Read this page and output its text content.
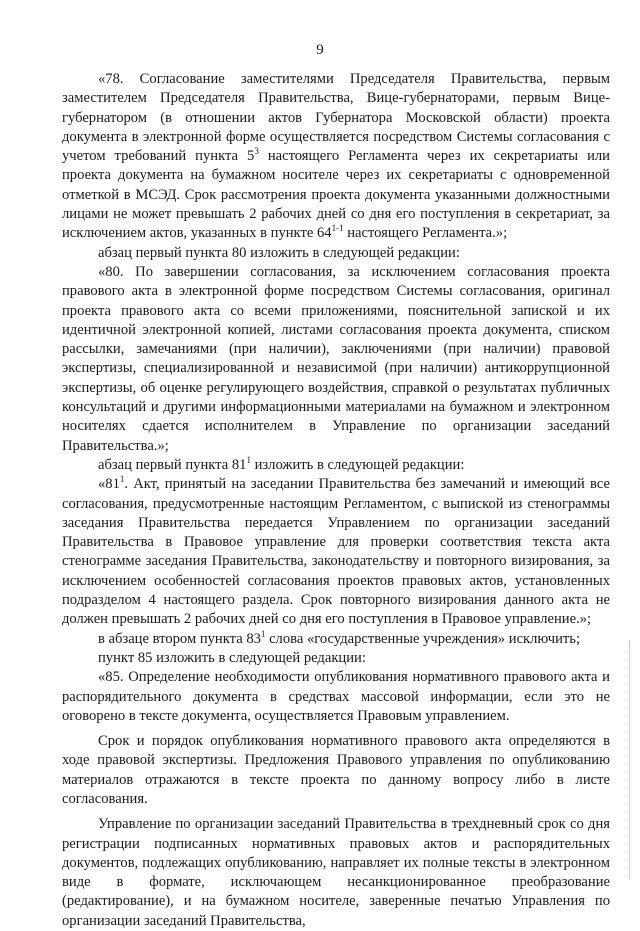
9

«78. Согласование заместителями Председателя Правительства, первым заместителем Председателя Правительства, Вице-губернаторами, первым Вице-губернатором (в отношении актов Губернатора Московской области) проекта документа в электронной форме осуществляется посредством Системы согласования с учетом требований пункта $5^3$ настоящего Регламента через их секретариаты или проекта документа на бумажном носителе через их секретариаты с одновременной отметкой в МСЭД. Срок рассмотрения проекта документа указанными должностными лицами не может превышать 2 рабочих дней со дня его поступления в секретариат, за исключением актов, указанных в пункте 64$^{1-1}$ настоящего Регламента.»;

абзац первый пункта 80 изложить в следующей редакции:

«80. По завершении согласования, за исключением согласования проекта правового акта в электронной форме посредством Системы согласования, оригинал проекта правового акта со всеми приложениями, пояснительной запиской и их идентичной электронной копией, листами согласования проекта документа, списком рассылки, замечаниями (при наличии), заключениями (при наличии) правовой экспертизы, специализированной и независимой (при наличии) антикоррупционной экспертизы, об оценке регулирующего воздействия, справкой о результатах публичных консультаций и другими информационными материалами на бумажном и электронном носителях сдается исполнителем в Управление по организации заседаний Правительства.»;

абзац первый пункта $81^1$ изложить в следующей редакции:

«$81^1$. Акт, принятый на заседании Правительства без замечаний и имеющий все согласования, предусмотренные настоящим Регламентом, с выпиской из стенограммы заседания Правительства передается Управлением по организации заседаний Правительства в Правовое управление для проверки соответствия текста акта стенограмме заседания Правительства, законодательству и повторного визирования, за исключением особенностей согласования проектов правовых актов, установленных подразделом 4 настоящего раздела. Срок повторного визирования данного акта не должен превышать 2 рабочих дней со дня его поступления в Правовое управление.»;

в абзаце втором пункта $83^1$ слова «государственные учреждения» исключить;

пункт 85 изложить в следующей редакции:

«85. Определение необходимости опубликования нормативного правового акта и распорядительного документа в средствах массовой информации, если это не оговорено в тексте документа, осуществляется Правовым управлением.

Срок и порядок опубликования нормативного правового акта определяются в ходе правовой экспертизы. Предложения Правового управления по опубликованию материалов отражаются в тексте проекта по данному вопросу либо в листе согласования.

Управление по организации заседаний Правительства в трехдневный срок со дня регистрации подписанных нормативных правовых актов и распорядительных документов, подлежащих опубликованию, направляет их полные тексты в электронном виде в формате, исключающем несанкционированное преобразование (редактирование), и на бумажном носителе, заверенные печатью Управления по организации заседаний Правительства,
